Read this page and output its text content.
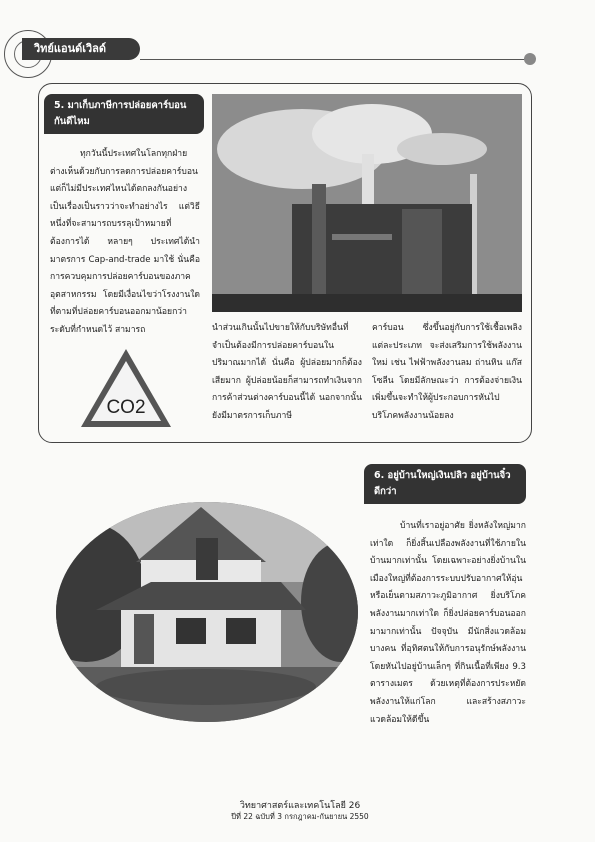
วิทย์แอนด์เวิลด์
5. มาเก็บภาษีการปล่อยคาร์บอนกันดีไหม
ทุกวันนี้ประเทศในโลกทุกฝ่ายต่างเห็นด้วยกับการลดการปล่อยคาร์บอน แต่ก็ไม่มีประเทศไหนได้ตกลงกันอย่างเป็นเรื่องเป็นราวว่าจะทำอย่างไร แต่วิธีหนึ่งที่จะสามารถบรรลุเป้าหมายที่ต้องการได้ หลายๆ ประเทศได้นำมาตรการ Cap-and-trade มาใช้ นั่นคือ การควบคุมการปล่อยคาร์บอนของภาคอุตสาหกรรม โดยมีเงื่อนไขว่าโรงงานใดที่ตามที่ปล่อยคาร์บอนออกมาน้อยกว่าระดับที่กำหนดไว้ สามารถ
CO2
นำส่วนเกินนั้นไปขายให้กับบริษัทอื่นที่จำเป็นต้องมีการปล่อยคาร์บอนในปริมาณมากได้ นั่นคือ ผู้ปล่อยมากก็ต้องเสียมาก ผู้ปล่อยน้อยก็สามารถทำเงินจากการค้าส่วนต่างคาร์บอนนี้ได้ นอกจากนั้น ยังมีมาตรการเก็บภาษี
คาร์บอน ซึ่งขึ้นอยู่กับการใช้เชื้อเพลิงแต่ละประเภท จะส่งเสริมการใช้พลังงานใหม่ เช่น ไฟฟ้าพลังงานลม ถ่านหิน แก๊สโซลีน โดยมีลักษณะว่า การต้องจ่ายเงินเพิ่มขึ้นจะทำให้ผู้ประกอบการหันไปบริโภคพลังงานน้อยลง
6. อยู่บ้านใหญ่เงินปลิว อยู่บ้านจิ๋วดีกว่า
บ้านที่เราอยู่อาศัย ยิ่งหลังใหญ่มากเท่าใด ก็ยิ่งสิ้นเปลืองพลังงานที่ใช้ภายในบ้านมากเท่านั้น โดยเฉพาะอย่างยิ่งบ้านในเมืองใหญ่ที่ต้องการระบบปรับอากาศให้อุ่นหรือเย็นตามสภาวะภูมิอากาศ ยิ่งบริโภคพลังงานมากเท่าใด ก็ยิ่งปล่อยคาร์บอนออกมามากเท่านั้น ปัจจุบัน มีนักสิ่งแวดล้อมบางคน ที่อุทิศตนให้กับการอนุรักษ์พลังงาน โดยหันไปอยู่บ้านเล็กๆ ที่กินเนื้อที่เพียง 9.3 ตารางเมตร ด้วยเหตุที่ต้องการประหยัดพลังงานให้แก่โลก และสร้างสภาวะแวดล้อมให้ดีขึ้น
วิทยาศาสตร์และเทคโนโลยี 26
ปีที่ 22 ฉบับที่ 3 กรกฎาคม-กันยายน 2550
